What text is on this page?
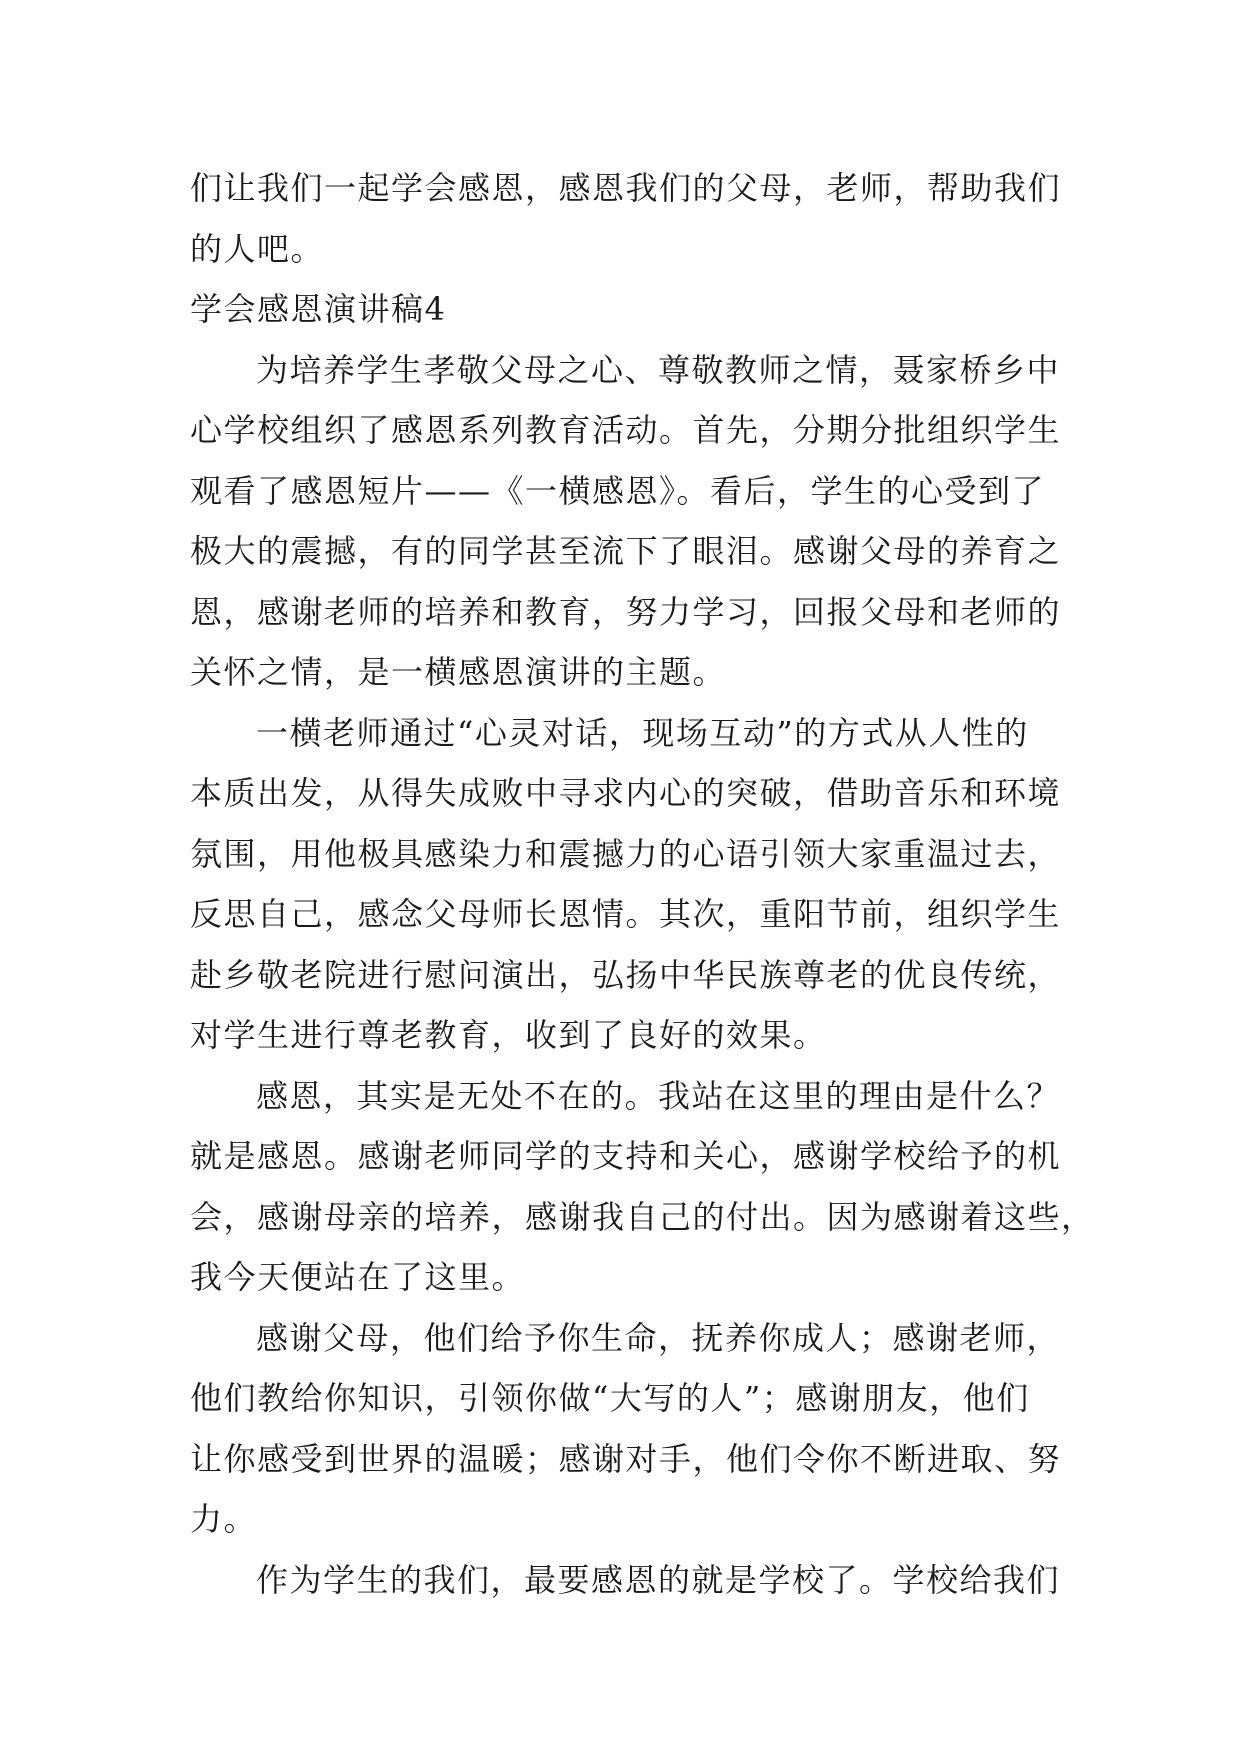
们让我们一起学会感恩，感恩我们的父母，老师，帮助我们
的人吧。
学会感恩演讲稿4
为培养学生孝敬父母之心、尊敬教师之情，聂家桥乡中
心学校组织了感恩系列教育活动。首先，分期分批组织学生
观看了感恩短片——《一横感恩》。看后，学生的心受到了
极大的震撼，有的同学甚至流下了眼泪。感谢父母的养育之
恩，感谢老师的培养和教育，努力学习，回报父母和老师的
关怀之情，是一横感恩演讲的主题。
一横老师通过“心灵对话，现场互动”的方式从人性的
本质出发，从得失成败中寻求内心的突破，借助音乐和环境
氛围，用他极具感染力和震撼力的心语引领大家重温过去，
反思自己，感念父母师长恩情。其次，重阳节前，组织学生
赴乡敬老院进行慰问演出，弘扬中华民族尊老的优良传统，
对学生进行尊老教育，收到了良好的效果。
感恩，其实是无处不在的。我站在这里的理由是什么？
就是感恩。感谢老师同学的支持和关心，感谢学校给予的机
会，感谢母亲的培养，感谢我自己的付出。因为感谢着这些，
我今天便站在了这里。
感谢父母，他们给予你生命，抚养你成人；感谢老师，
他们教给你知识，引领你做“大写的人”；感谢朋友，他们
让你感受到世界的温暖；感谢对手，他们令你不断进取、努
力。
作为学生的我们，最要感恩的就是学校了。学校给我们
